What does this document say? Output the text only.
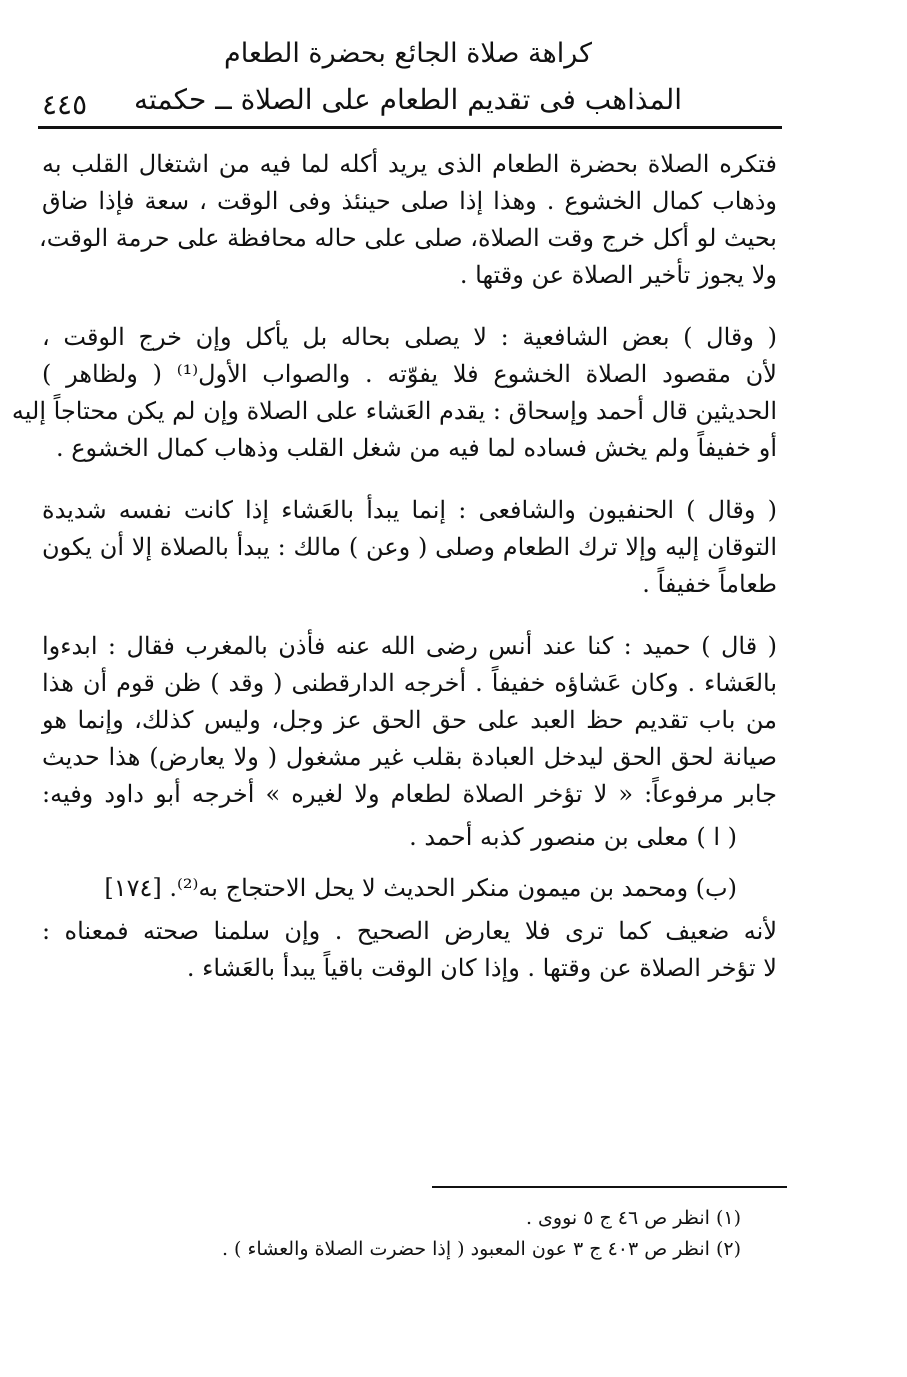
كراهة صلاة الجائع بحضرة الطعام
المذاهب فى تقديم الطعام على الصلاة ــ حكمته
٤٤٥
فتكره الصلاة بحضرة الطعام الذى يريد أكله لما فيه من اشتغال القلب به
وذهاب كمال الخشوع . وهذا إذا صلى حينئذ وفى الوقت ، سعة فإذا ضاق
بحيث لو أكل خرج وقت الصلاة، صلى على حاله محافظة على حرمة الوقت،
ولا يجوز تأخير الصلاة عن وقتها .
( وقال ) بعض الشافعية : لا يصلى بحاله بل يأكل وإن خرج الوقت ،
لأن مقصود الصلاة الخشوع فلا يفوّته . والصواب الأول⁽¹⁾ ( ولظاهر )
الحديثين قال أحمد وإسحاق : يقدم العَشاء على الصلاة وإن لم يكن محتاجاً إليه
أو خفيفاً ولم يخش فساده لما فيه من شغل القلب وذهاب كمال الخشوع .
( وقال ) الحنفيون والشافعى : إنما يبدأ بالعَشاء إذا كانت نفسه شديدة
التوقان إليه وإلا ترك الطعام وصلى ( وعن ) مالك : يبدأ بالصلاة إلا أن يكون
طعاماً خفيفاً .
( قال ) حميد : كنا عند أنس رضى الله عنه فأذن بالمغرب فقال : ابدءوا
بالعَشاء . وكان عَشاؤه خفيفاً . أخرجه الدارقطنى ( وقد ) ظن قوم أن هذا
من باب تقديم حظ العبد على حق الحق عز وجل، وليس كذلك، وإنما هو
صيانة لحق الحق ليدخل العبادة بقلب غير مشغول ( ولا يعارض) هذا حديث
جابر مرفوعاً: « لا تؤخر الصلاة لطعام ولا لغيره » أخرجه أبو داود وفيه:
( ا ) معلى بن منصور كذبه أحمد .
(ب) ومحمد بن ميمون منكر الحديث لا يحل الاحتجاج به⁽²⁾. [١٧٤]
لأنه ضعيف كما ترى فلا يعارض الصحيح . وإن سلمنا صحته فمعناه :
لا تؤخر الصلاة عن وقتها . وإذا كان الوقت باقياً يبدأ بالعَشاء .
(١) انظر ص ٤٦ ج ٥ نووى .
(٢) انظر ص ٤٠٣ ج ٣ عون المعبود ( إذا حضرت الصلاة والعشاء ) .
